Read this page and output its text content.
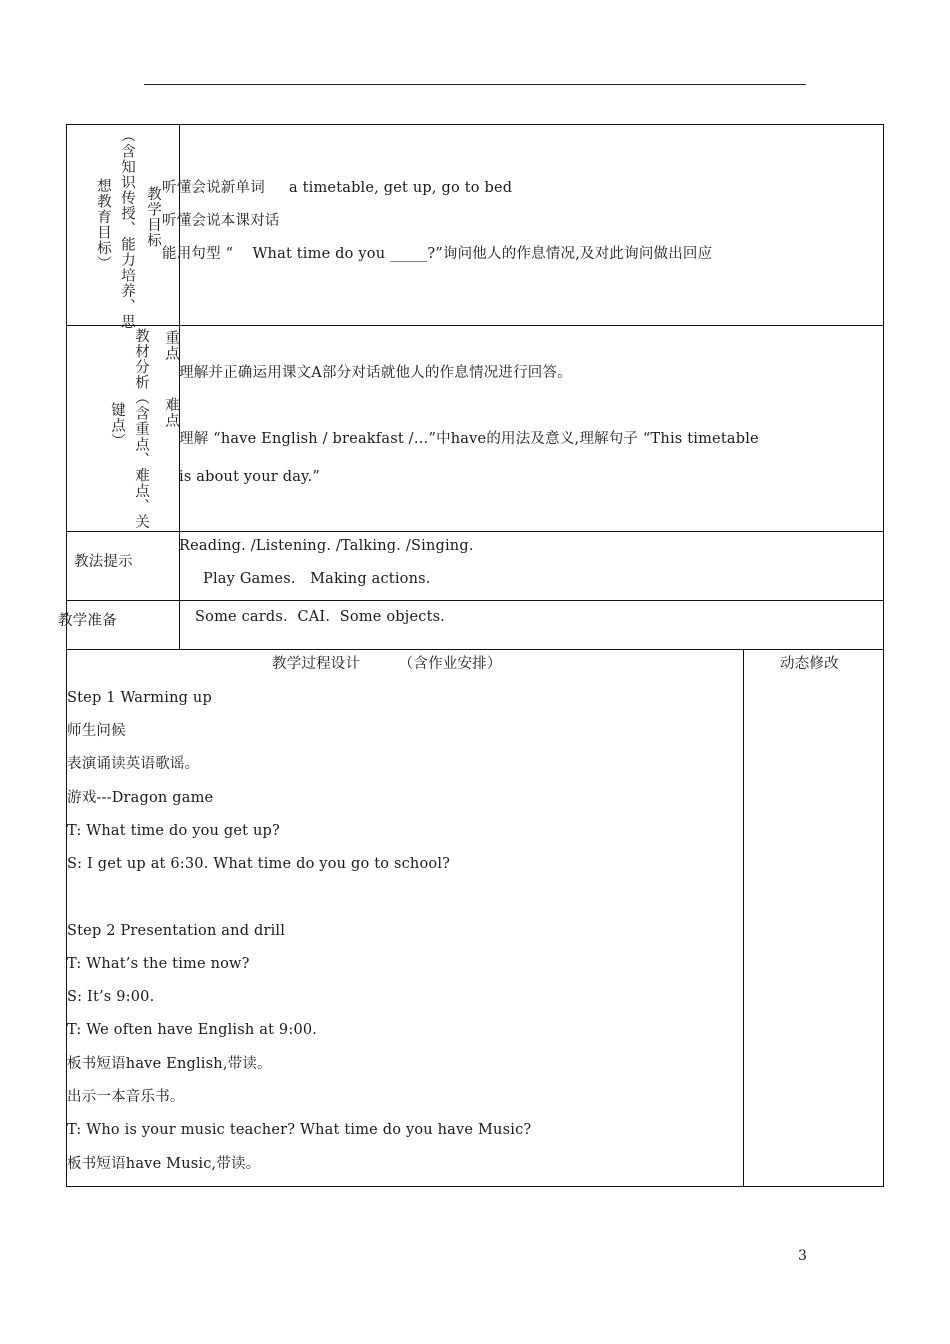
（含知识传授、能力培养、思
想教育目标） 教学目标 听懂会说新单词     a timetable, get up, go to bed
听懂会说本课对话
能用句型 “    What time do you _____?”询问他人的作息情况,及对此询问做出回应
教材分析（含重点、难点、关
键点）
重点
理解并正确运用课文A部分对话就他人的作息情况进行回答。
难点
理解 “have English / breakfast /…”中have的用法及意义,理解句子 “This timetable
is about your day.”
教法提示
Reading. /Listening. /Talking. /Singing.
Play Games.   Making actions.
教学准备	Some cards.  CAI.  Some objects.
教学过程设计        （含作业安排）	动态修改
Step 1 Warming up
师生问候
表演诵读英语歌谣。
游戏---Dragon game
T: What time do you get up?
S: I get up at 6:30. What time do you go to school?
Step 2 Presentation and drill
T: What’s the time now?
S: It’s 9:00.
T: We often have English at 9:00.
板书短语have English,带读。
出示一本音乐书。
T: Who is your music teacher? What time do you have Music?
板书短语have Music,带读。
3
